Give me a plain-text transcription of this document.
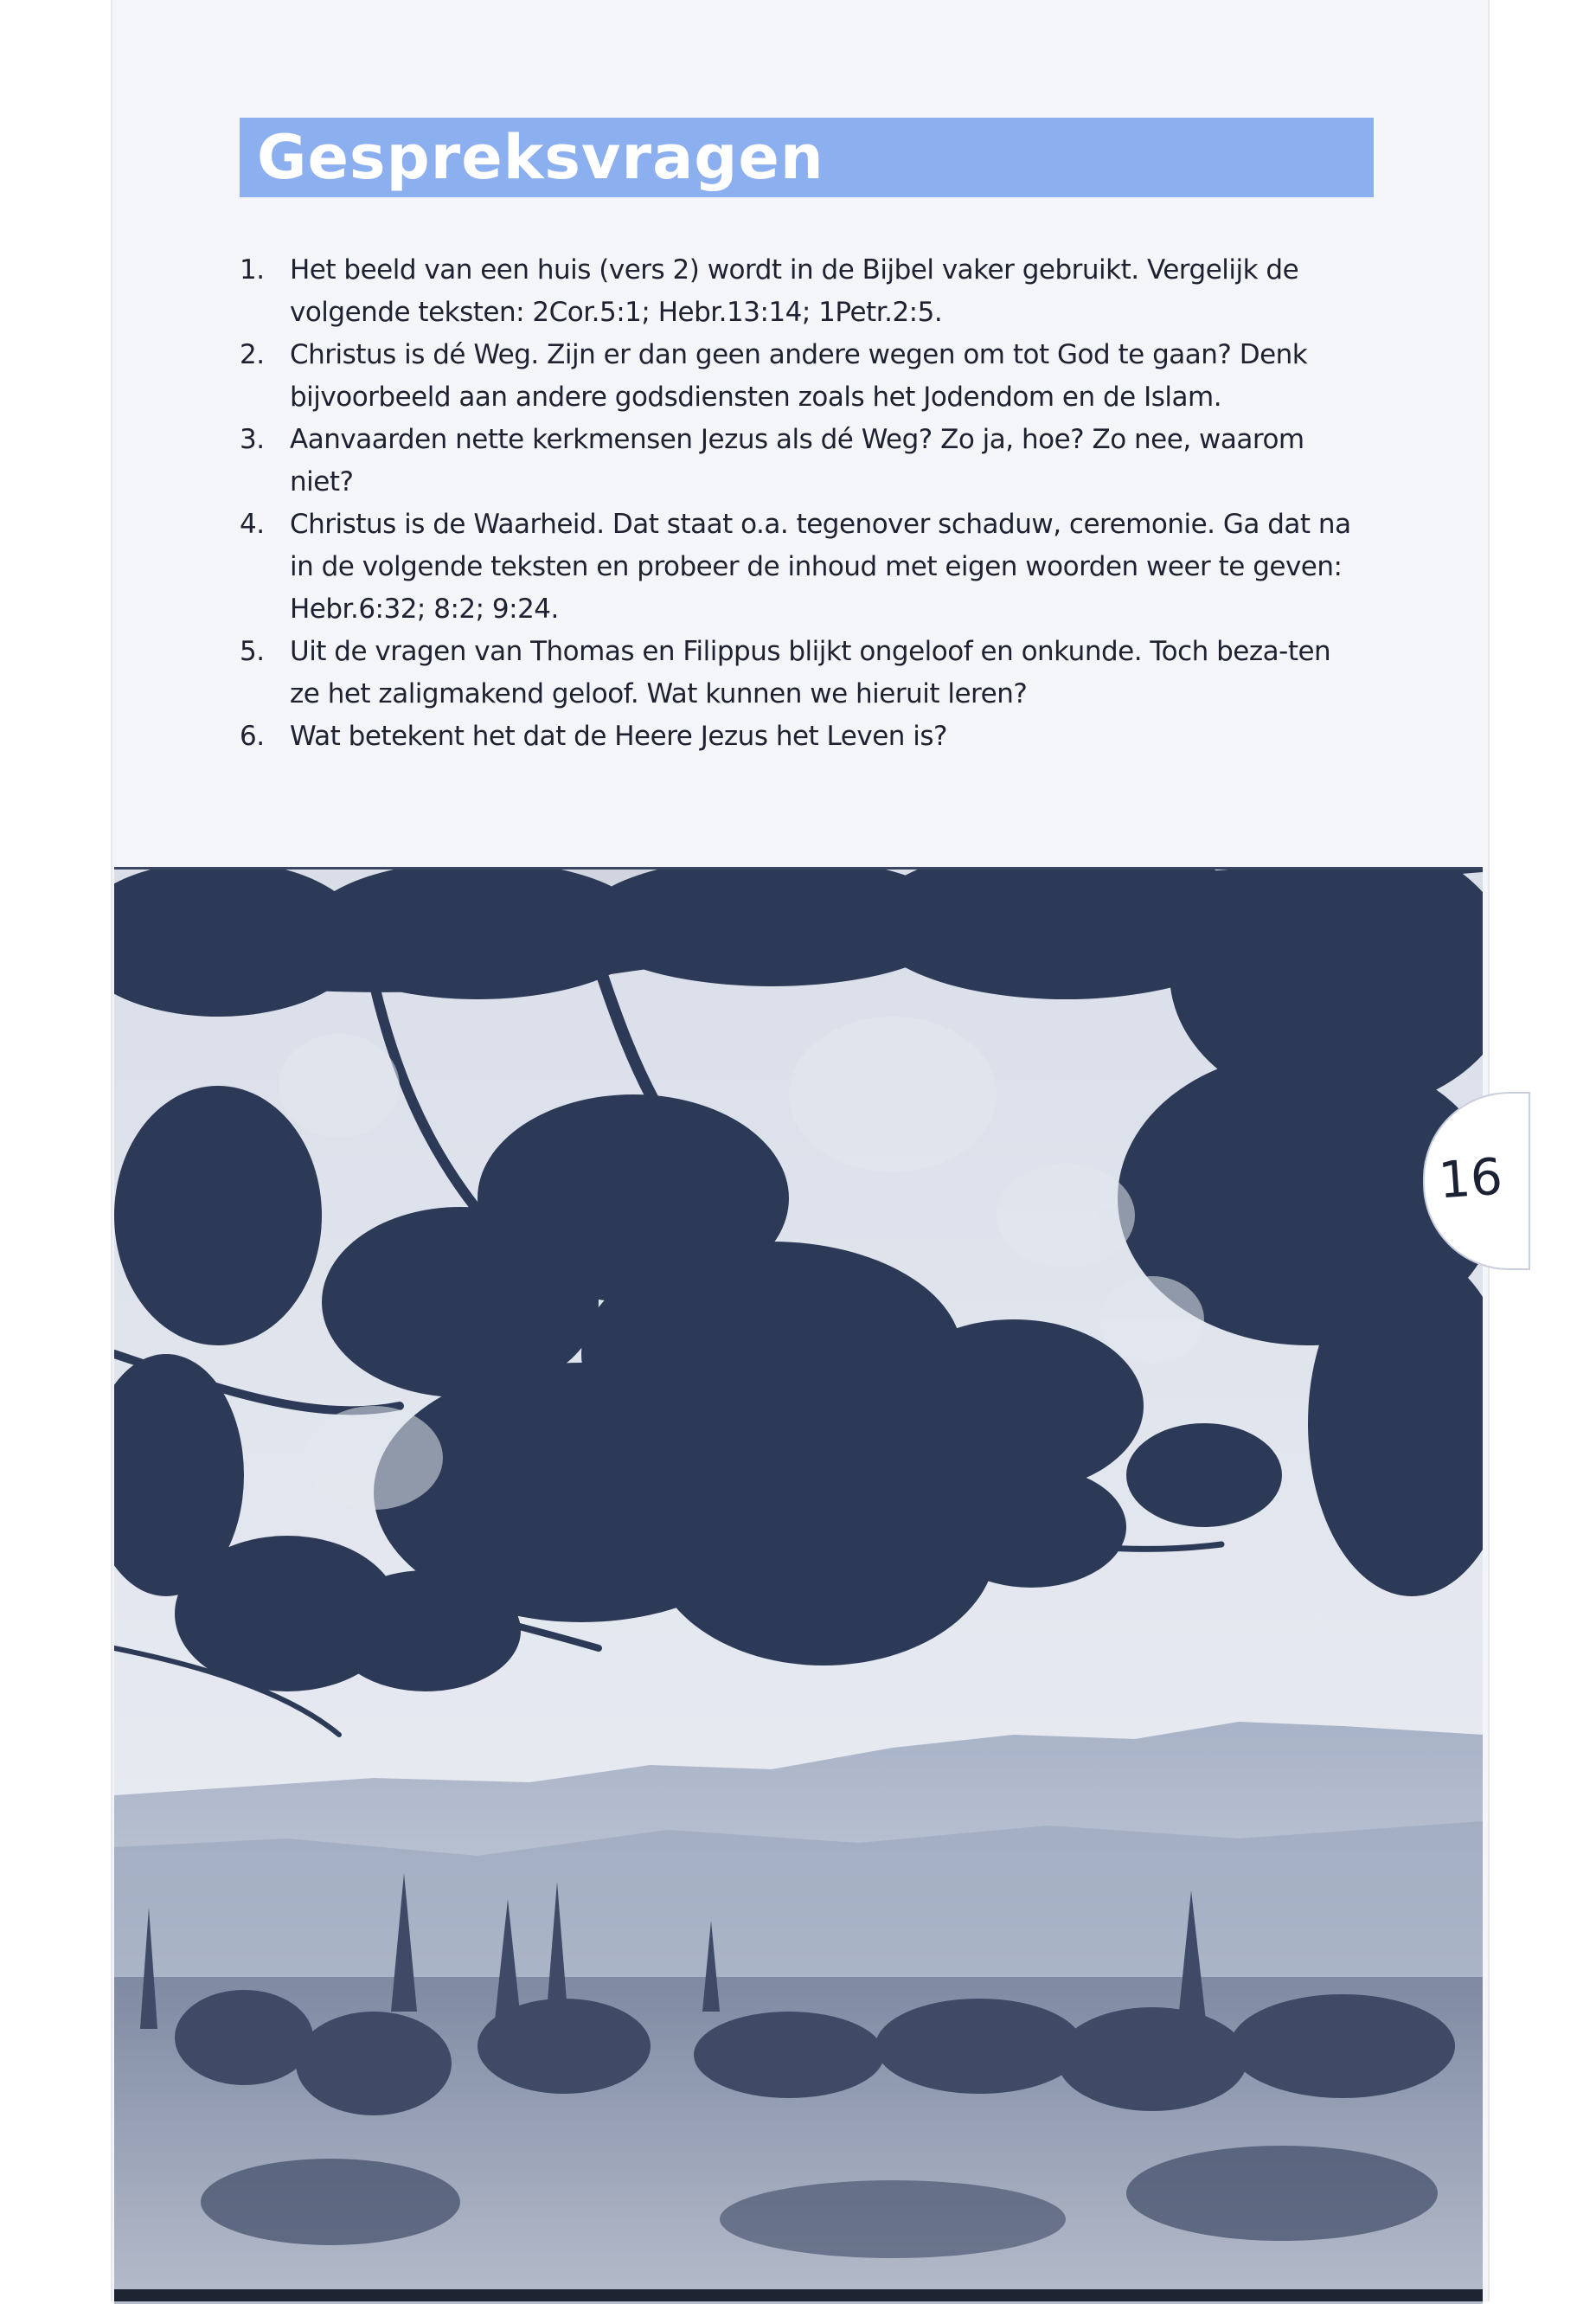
Gespreksvragen
1. Het beeld van een huis (vers 2) wordt in de Bijbel vaker gebruikt. Vergelijk de volgende teksten: 2Cor.5:1; Hebr.13:14; 1Petr.2:5.
2. Christus is dé Weg. Zijn er dan geen andere wegen om tot God te gaan? Denk bijvoorbeeld aan andere godsdiensten zoals het Jodendom en de Islam.
3. Aanvaarden nette kerkmensen Jezus als dé Weg? Zo ja, hoe? Zo nee, waarom niet?
4. Christus is de Waarheid. Dat staat o.a. tegenover schaduw, ceremonie. Ga dat na in de volgende teksten en probeer de inhoud met eigen woorden weer te geven: Hebr.6:32; 8:2; 9:24.
5. Uit de vragen van Thomas en Filippus blijkt ongeloof en onkunde. Toch beza-ten ze het zaligmakend geloof. Wat kunnen we hieruit leren?
6. Wat betekent het dat de Heere Jezus het Leven is?
16
